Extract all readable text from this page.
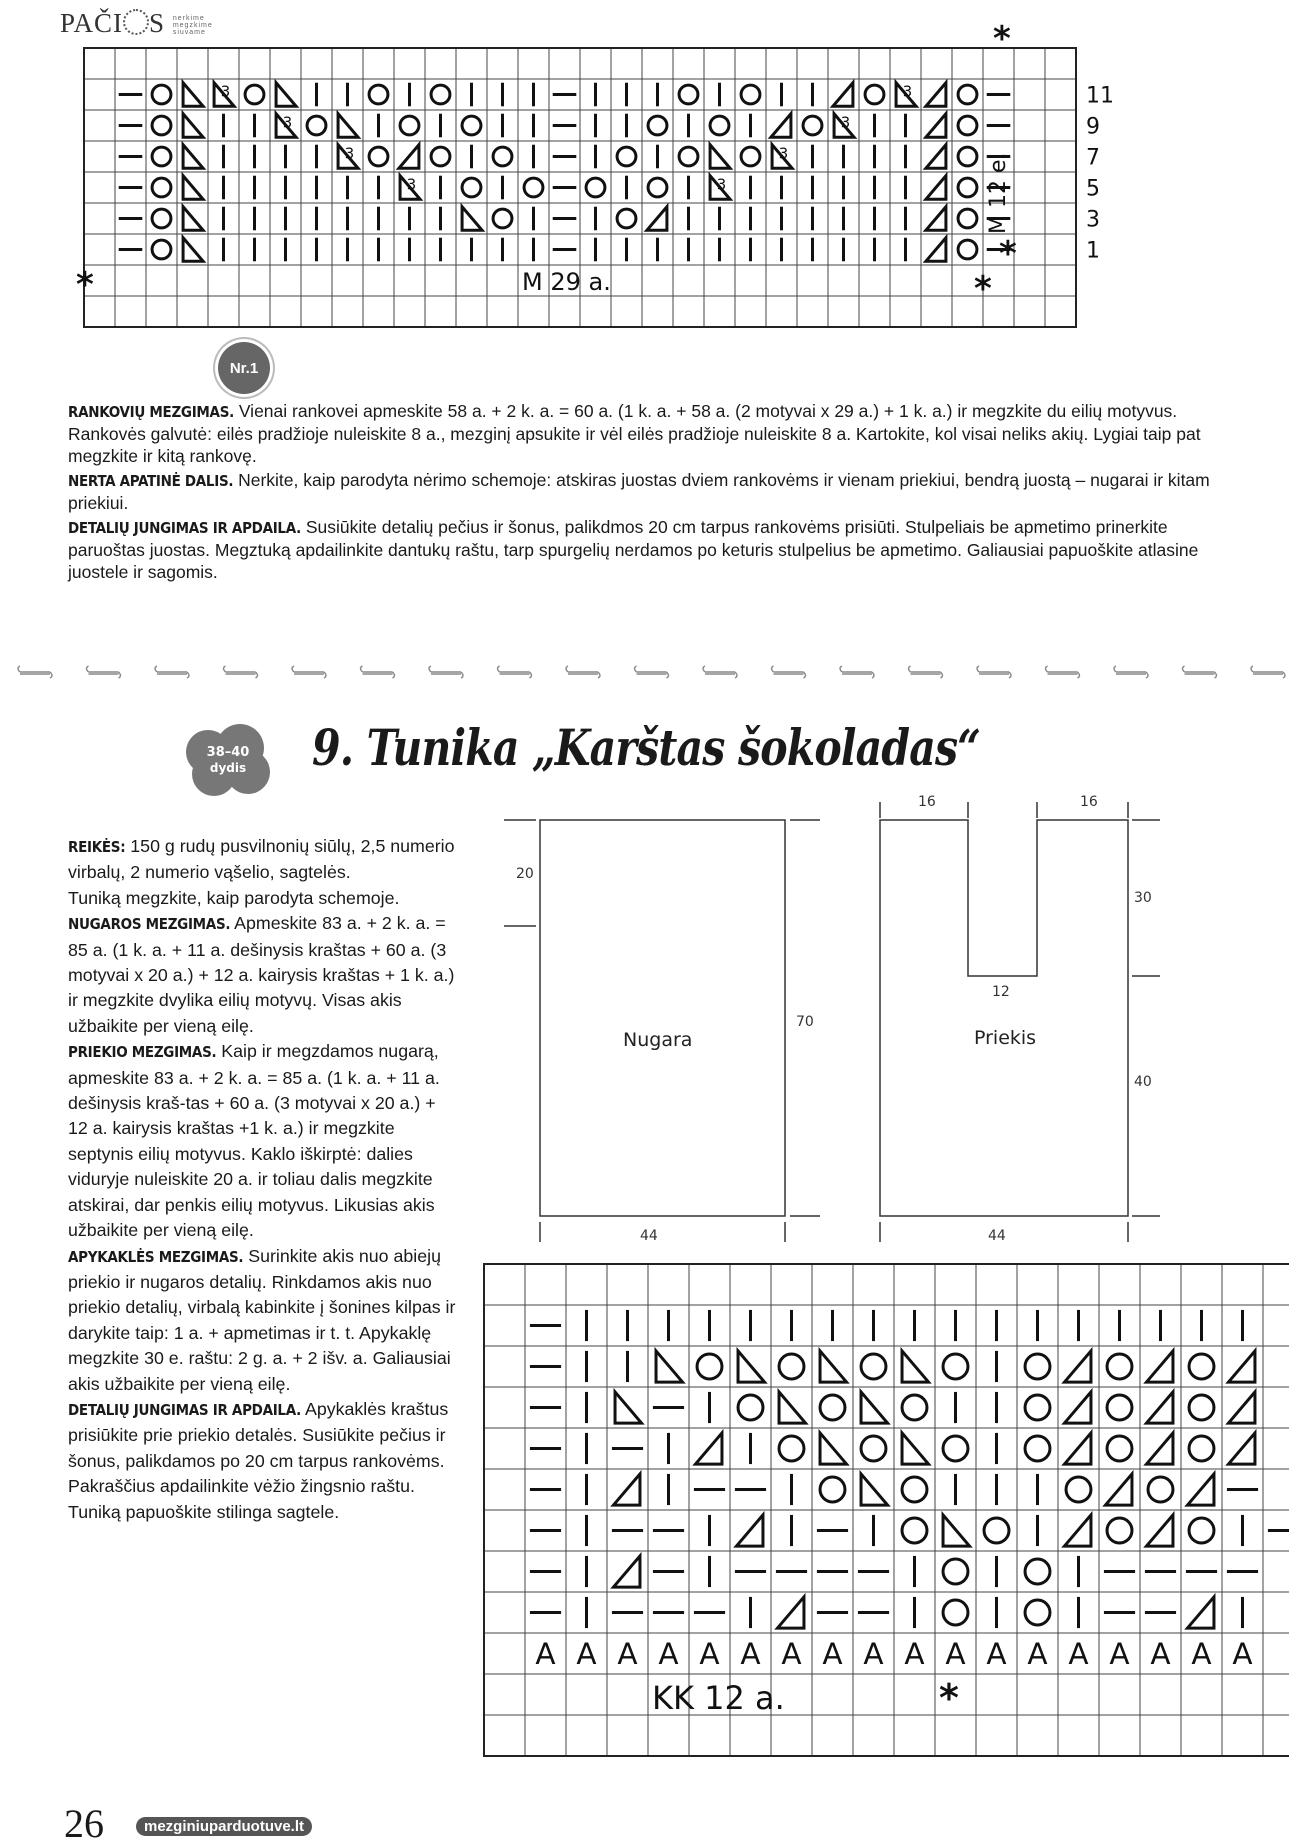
PAČI S nerkime megzkime siuvame
3	3	11
3	3	9
3	3	7
3	3	5
3
1
M 29 a.
M 12 e.
*
*
*
*
Nr.1

RANKOVIŲ MEZGIMAS. Vienai rankovei apmeskite 58 a. + 2 k. a. = 60 a. (1 k. a. + 58 a. (2 motyvai x 29 a.) + 1 k. a.) ir megzkite du eilių motyvus. Rankovės galvutė: eilės pradžioje nuleiskite 8 a., mezginį apsukite ir vėl eilės pradžioje nuleiskite 8 a. Kartokite, kol visai neliks akių. Lygiai taip pat megzkite ir kitą rankovę.

NERTA APATINĖ DALIS. Nerkite, kaip parodyta nėrimo schemoje: atskiras juostas dviem rankovėms ir vienam priekiui, bendrą juostą – nugarai ir kitam priekiui.

DETALIŲ JUNGIMAS IR APDAILA. Susiūkite detalių pečius ir šonus, palikdmos 20 cm tarpus rankovėms prisiūti. Stulpeliais be apmetimo prinerkite paruoštas juostas. Megztuką apdailinkite dantukų raštu, tarp spurgelių nerdamos po keturis stulpelius be apmetimo. Galiausiai papuoškite atlasine juostele ir sagomis.

38–40
dydis 9. Tunika „Karštas šokoladas“

REIKĖS: 150 g rudų pusvilnonių siūlų, 2,5 numerio virbalų, 2 numerio vąšelio, sagtelės.

Tuniką megzkite, kaip parodyta schemoje.

NUGAROS MEZGIMAS. Apmeskite 83 a. + 2 k. a. = 85 a. (1 k. a. + 11 a. dešinysis kraštas + 60 a. (3 motyvai x 20 a.) + 12 a. kairysis kraštas + 1 k. a.) ir megzkite dvylika eilių motyvų. Visas akis užbaikite per vieną eilę.

PRIEKIO MEZGIMAS. Kaip ir megzdamos nugarą, apmeskite 83 a. + 2 k. a. = 85 a. (1 k. a. + 11 a. dešinysis kraš-tas + 60 a. (3 motyvai x 20 a.) + 12 a. kairysis kraštas +1 k. a.) ir megzkite septynis eilių motyvus. Kaklo iškirptė: dalies viduryje nuleiskite 20 a. ir toliau dalis megzkite atskirai, dar penkis eilių motyvus. Likusias akis užbaikite per vieną eilę.

APYKAKLĖS MEZGIMAS. Surinkite akis nuo abiejų priekio ir nugaros detalių. Rinkdamos akis nuo priekio detalių, virbalą kabinkite į šonines kilpas ir darykite taip: 1 a. + apmetimas ir t. t. Apykaklę megzkite 30 e. raštu: 2 g. a. + 2 išv. a. Galiausiai akis užbaikite per vieną eilę.

DETALIŲ JUNGIMAS IR APDAILA. Apykaklės kraštus prisiūkite prie priekio detalės. Susiūkite pečius ir šonus, palikdamos po 20 cm tarpus rankovėms. Pakraščius apdailinkite vėžio žingsnio raštu. Tuniką papuoškite stilinga sagtele.

20
70
44	44
16	16
30
12
40
Nugara	Priekis
A A A A A A A A A A A A A A A A A A
KK 12 a.	*
26	mezginiuparduotuve.lt
